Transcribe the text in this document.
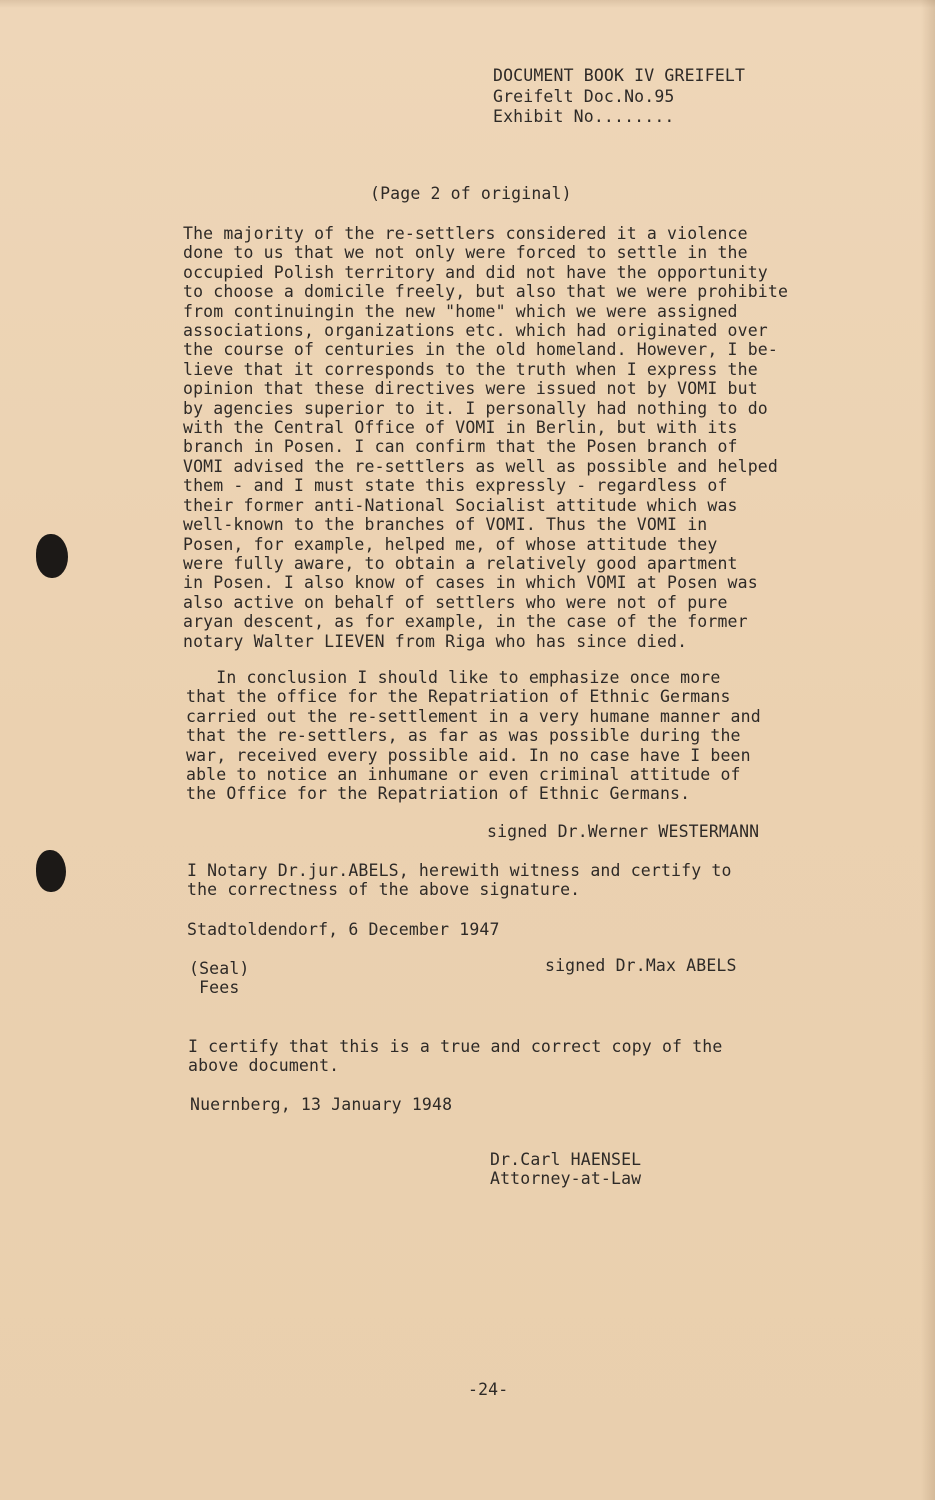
DOCUMENT BOOK IV GREIFELT
Greifelt Doc.No.95
Exhibit No........
(Page 2 of original)
The majority of the re-settlers considered it a violence
done to us that we not only were forced to settle in the
occupied Polish territory and did not have the opportunity
to choose a domicile freely, but also that we were prohibite
from continuingin the new "home" which we were assigned
associations, organizations etc. which had originated over
the course of centuries in the old homeland. However, I be-
lieve that it corresponds to the truth when I express the
opinion that these directives were issued not by VOMI but
by agencies superior to it. I personally had nothing to do
with the Central Office of VOMI in Berlin, but with its
branch in Posen. I can confirm that the Posen branch of
VOMI advised the re-settlers as well as possible and helped
them - and I must state this expressly - regardless of
their former anti-National Socialist attitude which was
well-known to the branches of VOMI. Thus the VOMI in
Posen, for example, helped me, of whose attitude they
were fully aware, to obtain a relatively good apartment
in Posen. I also know of cases in which VOMI at Posen was
also active on behalf of settlers who were not of pure
aryan descent, as for example, in the case of the former
notary Walter LIEVEN from Riga who has since died.
In conclusion I should like to emphasize once more
that the office for the Repatriation of Ethnic Germans
carried out the re-settlement in a very humane manner and
that the re-settlers, as far as was possible during the
war, received every possible aid. In no case have I been
able to notice an inhumane or even criminal attitude of
the Office for the Repatriation of Ethnic Germans.
signed Dr.Werner WESTERMANN
I Notary Dr.jur.ABELS, herewith witness and certify to
the correctness of the above signature.
Stadtoldendorf, 6 December 1947
(Seal)
Fees
signed Dr.Max ABELS
I certify that this is a true and correct copy of the
above document.
Nuernberg, 13 January 1948
Dr.Carl HAENSEL
Attorney-at-Law
-24-
